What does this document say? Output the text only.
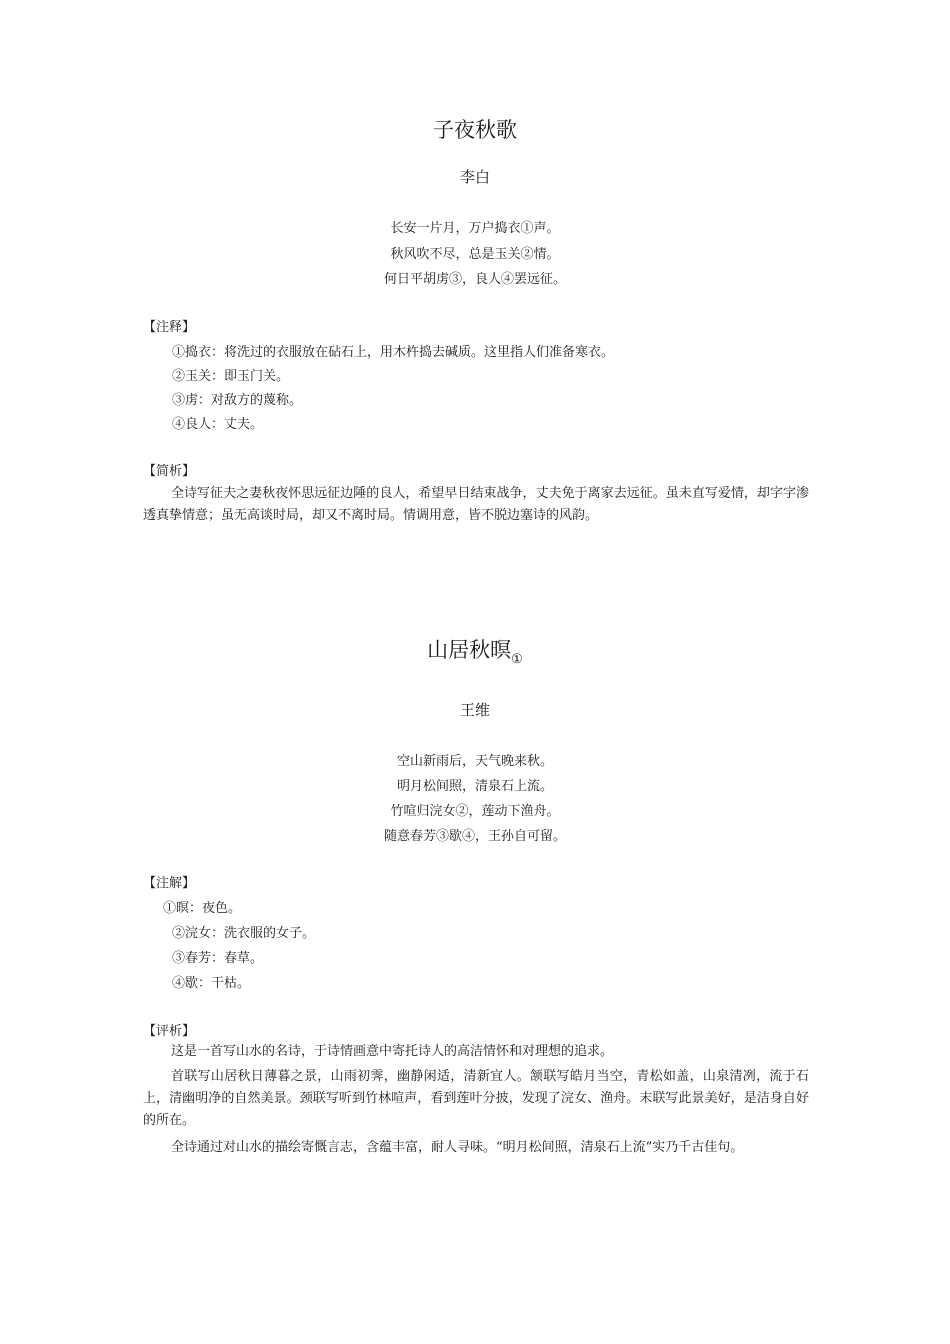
子夜秋歌
李白
长安一片月，万户捣衣①声。
秋风吹不尽，总是玉关②情。
何日平胡虏③，良人④罢远征。
【注释】
①捣衣：将洗过的衣服放在砧石上，用木杵捣去碱质。这里指人们准备寒衣。
②玉关：即玉门关。
③虏：对敌方的蔑称。
④良人：丈夫。
【简析】
全诗写征夫之妻秋夜怀思远征边陲的良人，希望早日结束战争，丈夫免于离家去远征。虽未直写爱情，却字字渗透真挚情意；虽无高谈时局，却又不离时局。情调用意，皆不脱边塞诗的风韵。
山居秋暝$_①$
王维
空山新雨后，天气晚来秋。
明月松间照，清泉石上流。
竹喧归浣女②，莲动下渔舟。
随意春芳③歇④，王孙自可留。
【注解】
①暝：夜色。
②浣女：洗衣服的女子。
③春芳：春草。
④歇：干枯。
【评析】
这是一首写山水的名诗，于诗情画意中寄托诗人的高洁情怀和对理想的追求。
首联写山居秋日薄暮之景，山雨初霁，幽静闲适，清新宜人。颔联写皓月当空，青松如盖，山泉清冽，流于石上，清幽明净的自然美景。颈联写听到竹林喧声，看到莲叶分披，发现了浣女、渔舟。末联写此景美好，是洁身自好的所在。
全诗通过对山水的描绘寄慨言志，含蕴丰富，耐人寻味。“明月松间照，清泉石上流”实乃千古佳句。
